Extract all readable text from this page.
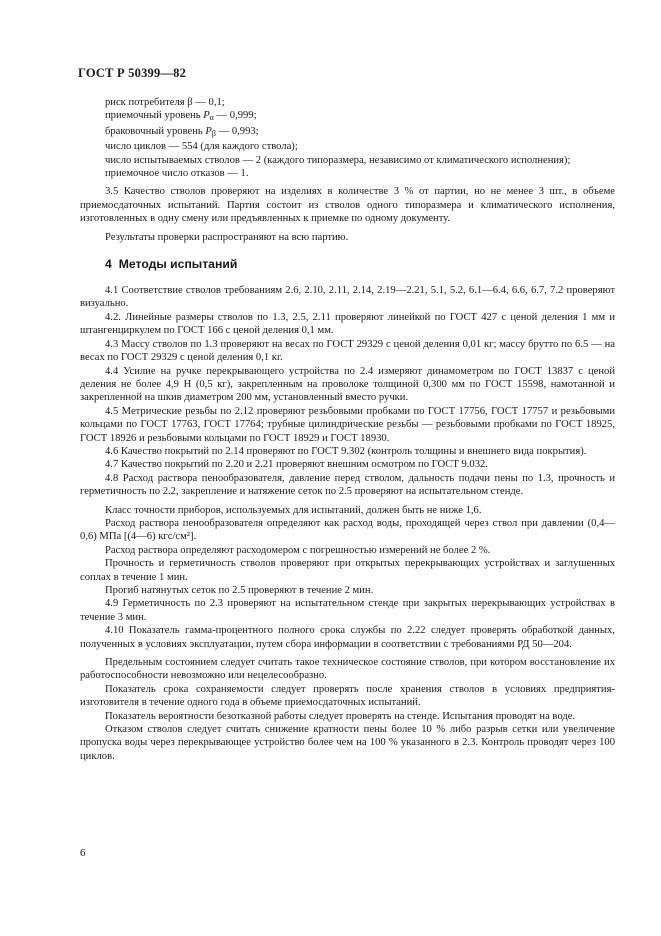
ГОСТ Р 50399—82

риск потребителя β — 0,1;

приемочный уровень $P_\alpha$ — 0,999;

браковочный уровень $P_\beta$ — 0,993;

число циклов — 554 (для каждого ствола);

число испытываемых стволов — 2 (каждого типоразмера, независимо от климатического исполнения);

приемочное число отказов — 1.

3.5 Качество стволов проверяют на изделиях в количестве 3 % от партии, но не менее 3 шт., в объеме приемосдаточных испытаний. Партия состоит из стволов одного типоразмера и климатического исполнения, изготовленных в одну смену или предъявленных к приемке по одному документу.

Результаты проверки распространяют на всю партию.

4 Методы испытаний

4.1 Соответствие стволов требованиям 2.6, 2.10, 2.11, 2.14, 2.19—2.21, 5.1, 5.2, 6.1—6.4, 6.6, 6.7, 7.2 проверяют визуально.

4.2. Линейные размеры стволов по 1.3, 2.5, 2.11 проверяют линейкой по ГОСТ 427 с ценой деления 1 мм и штангенциркулем по ГОСТ 166 с ценой деления 0,1 мм.

4.3 Массу стволов по 1.3 проверяют на весах по ГОСТ 29329 с ценой деления 0,01 кг; массу брутто по 6.5 — на весах по ГОСТ 29329 с ценой деления 0,1 кг.

4.4 Усилие на ручке перекрывающего устройства по 2.4 измеряют динамометром по ГОСТ 13837 с ценой деления не более 4,9 Н (0,5 кг), закрепленным на проволоке толщиной 0,300 мм по ГОСТ 15598, намотанной и закрепленной на шкив диаметром 200 мм, установленный вместо ручки.

4.5 Метрические резьбы по 2.12 проверяют резьбовыми пробками по ГОСТ 17756, ГОСТ 17757 и резьбовыми кольцами по ГОСТ 17763, ГОСТ 17764; трубные цилиндрические резьбы — резьбовыми пробками по ГОСТ 18925, ГОСТ 18926 и резьбовыми кольцами по ГОСТ 18929 и ГОСТ 18930.

4.6 Качество покрытий по 2.14 проверяют по ГОСТ 9.302 (контроль толщины и внешнего вида покрытия).

4.7 Качество покрытий по 2.20 и 2.21 проверяют внешним осмотром по ГОСТ 9.032.

4.8 Расход раствора пенообразователя, давление перед стволом, дальность подачи пены по 1.3, прочность и герметичность по 2.2, закрепление и натяжение сеток по 2.5 проверяют на испытательном стенде.

Класс точности приборов, используемых для испытаний, должен быть не ниже 1,6.

Расход раствора пенообразователя определяют как расход воды, проходящей через ствол при давлении (0,4—0,6) МПа [(4—6) кгс/см²].

Расход раствора определяют расходомером с погрешностью измерений не более 2 %.

Прочность и герметичность стволов проверяют при открытых перекрывающих устройствах и заглушенных соплах в течение 1 мин.

Прогиб натянутых сеток по 2.5 проверяют в течение 2 мин.

4.9 Герметичность по 2.3 проверяют на испытательном стенде при закрытых перекрывающих устройствах в течение 3 мин.

4.10 Показатель гамма-процентного полного срока службы по 2.22 следует проверять обработкой данных, полученных в условиях эксплуатации, путем сбора информации в соответствии с требованиями РД 50—204.

Предельным состоянием следует считать такое техническое состояние стволов, при котором восстановление их работоспособности невозможно или нецелесообразно.

Показатель срока сохраняемости следует проверять после хранения стволов в условиях предприятия-изготовителя в течение одного года в объеме приемосдаточных испытаний.

Показатель вероятности безотказной работы следует проверять на стенде. Испытания проводят на воде.

Отказом стволов следует считать снижение кратности пены более 10 % либо разрыв сетки или увеличение пропуска воды через перекрывающее устройство более чем на 100 % указанного в 2.3. Контроль проводят через 100 циклов.

6
